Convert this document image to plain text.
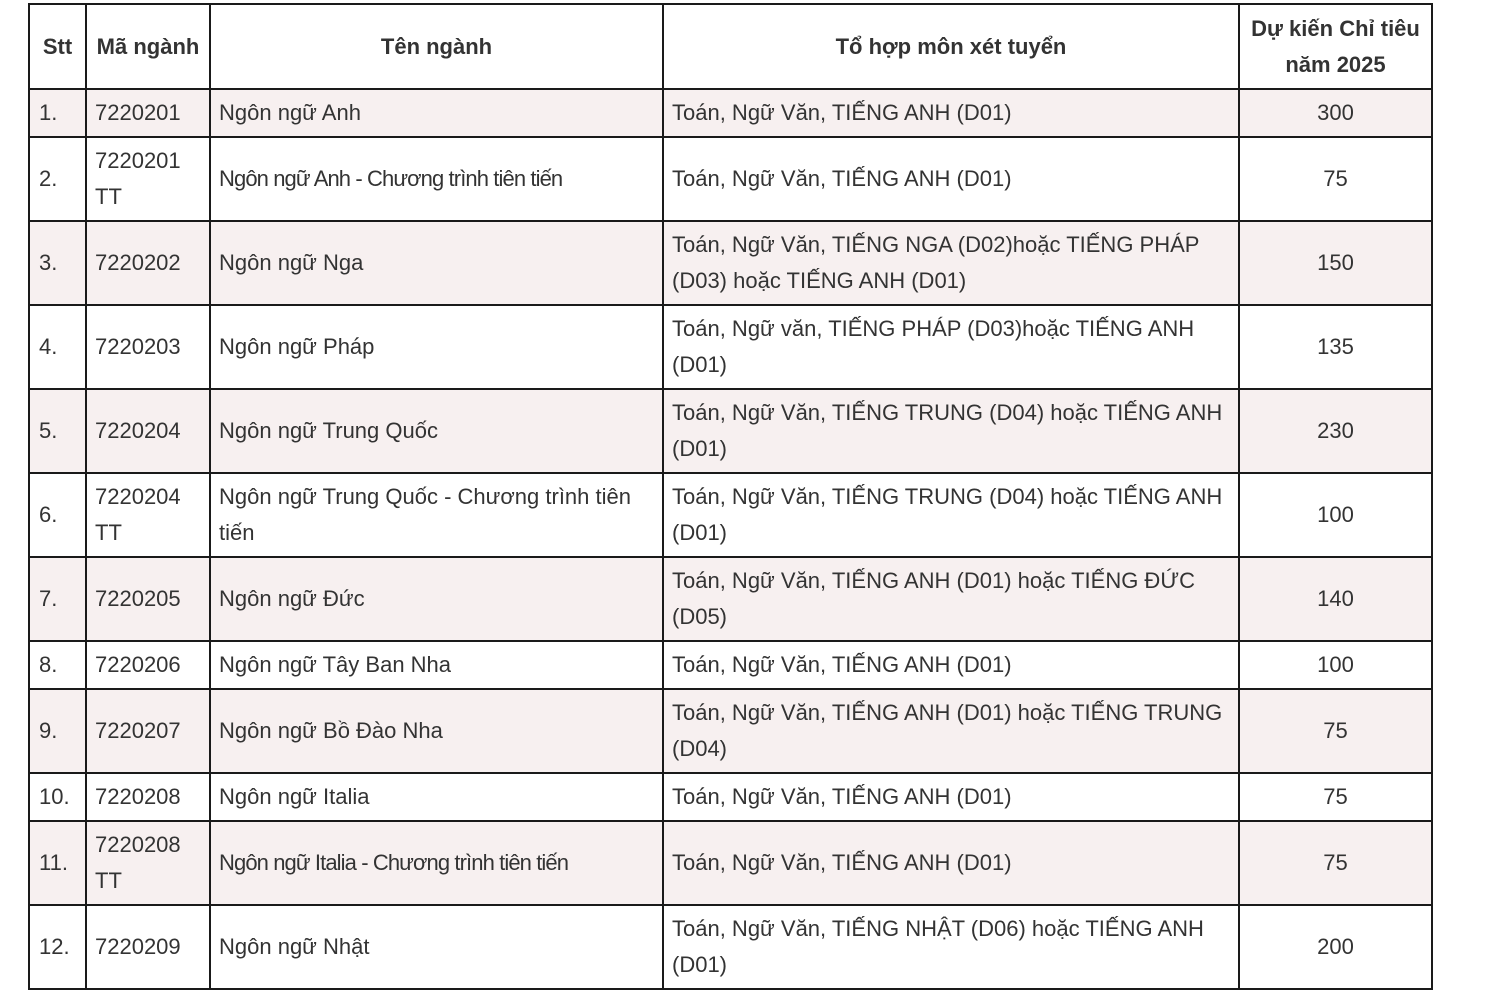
Stt	Mã ngành	Tên ngành	Tổ hợp môn xét tuyển	Dự kiến Chỉ tiêu năm 2025
1.	7220201	Ngôn ngữ Anh	Toán, Ngữ Văn, TIẾNG ANH (D01)	300
2.	7220201 TT	Ngôn ngữ Anh - Chương trình tiên tiến	Toán, Ngữ Văn, TIẾNG ANH (D01)	75
3.	7220202	Ngôn ngữ Nga	Toán, Ngữ Văn, TIẾNG NGA (D02)hoặc TIẾNG PHÁP (D03) hoặc TIẾNG ANH (D01)	150
4.	7220203	Ngôn ngữ Pháp	Toán, Ngữ văn, TIẾNG PHÁP (D03)hoặc TIẾNG ANH (D01)	135
5.	7220204	Ngôn ngữ Trung Quốc	Toán, Ngữ Văn, TIẾNG TRUNG (D04) hoặc TIẾNG ANH (D01)	230
6.	7220204 TT	Ngôn ngữ Trung Quốc - Chương trình tiên tiến	Toán, Ngữ Văn, TIẾNG TRUNG (D04) hoặc TIẾNG ANH (D01)	100
7.	7220205	Ngôn ngữ Đức	Toán, Ngữ Văn, TIẾNG ANH (D01) hoặc TIẾNG ĐỨC (D05)	140
8.	7220206	Ngôn ngữ Tây Ban Nha	Toán, Ngữ Văn, TIẾNG ANH (D01)	100
9.	7220207	Ngôn ngữ Bồ Đào Nha	Toán, Ngữ Văn, TIẾNG ANH (D01) hoặc TIẾNG TRUNG (D04)	75
10.	7220208	Ngôn ngữ Italia	Toán, Ngữ Văn, TIẾNG ANH (D01)	75
11.	7220208 TT	Ngôn ngữ Italia - Chương trình tiên tiến	Toán, Ngữ Văn, TIẾNG ANH (D01)	75
12.	7220209	Ngôn ngữ Nhật	Toán, Ngữ Văn, TIẾNG NHẬT (D06) hoặc TIẾNG ANH (D01)	200
